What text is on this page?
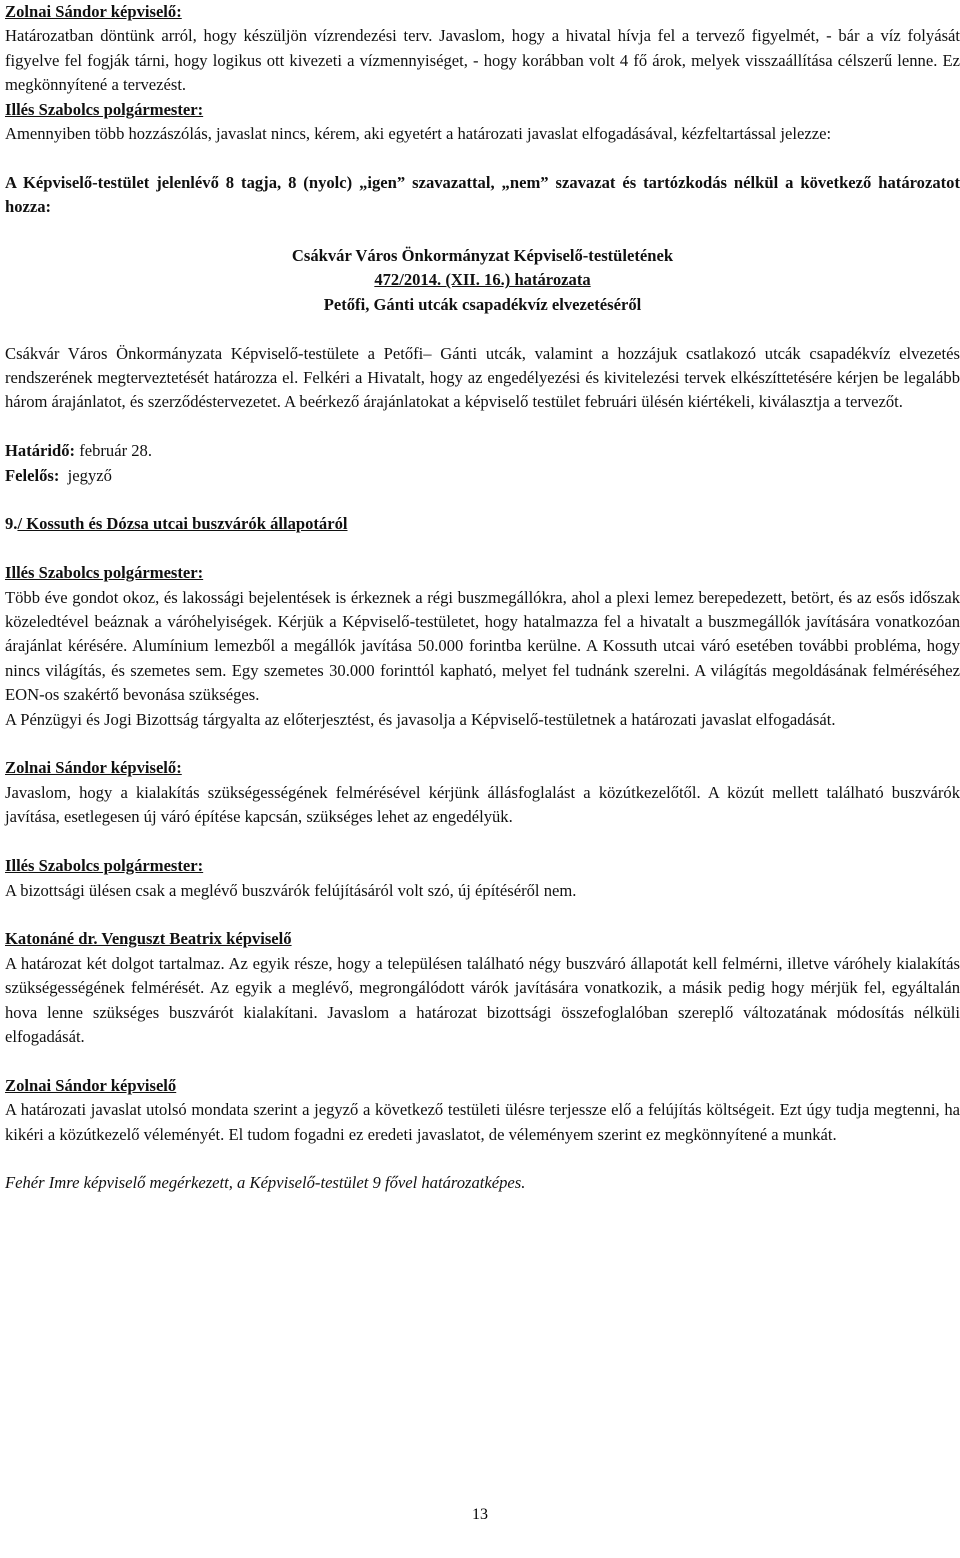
Zolnai Sándor képviselő:

Határozatban döntünk arról, hogy készüljön vízrendezési terv. Javaslom, hogy a hivatal hívja fel a tervező figyelmét, - bár a víz folyását figyelve fel fogják tárni, hogy logikus ott kivezeti a vízmennyiséget, - hogy korábban volt 4 fő árok, melyek visszaállítása célszerű lenne. Ez megkönnyítené a tervezést.

Illés Szabolcs polgármester:

Amennyiben több hozzászólás, javaslat nincs, kérem, aki egyetért a határozati javaslat elfogadásával, kézfeltartással jelezze:

A Képviselő-testület jelenlévő 8 tagja, 8 (nyolc) „igen” szavazattal, „nem” szavazat és tartózkodás nélkül a következő határozatot hozza:

Csákvár Város Önkormányzat Képviselő-testületének

472/2014. (XII. 16.) határozata

Petőfi, Gánti utcák csapadékvíz elvezetéséről

Csákvár Város Önkormányzata Képviselő-testülete a Petőfi– Gánti utcák, valamint a hozzájuk csatlakozó utcák csapadékvíz elvezetés rendszerének megterveztetését határozza el. Felkéri a Hivatalt, hogy az engedélyezési és kivitelezési tervek elkészíttetésére kérjen be legalább három árajánlatot, és szerződéstervezetet. A beérkező árajánlatokat a képviselő testület februári ülésén kiértékeli, kiválasztja a tervezőt.

Határidő: február 28.

Felelős:  jegyző

9./ Kossuth és Dózsa utcai buszvárók állapotáról

Illés Szabolcs polgármester:

Több éve gondot okoz, és lakossági bejelentések is érkeznek a régi buszmegállókra, ahol a plexi lemez berepedezett, betört, és az esős időszak közeledtével beáznak a váróhelyiségek. Kérjük a Képviselő-testületet, hogy hatalmazza fel a hivatalt a buszmegállók javítására vonatkozóan árajánlat kérésére. Alumínium lemezből a megállók javítása 50.000 forintba kerülne. A Kossuth utcai váró esetében további probléma, hogy nincs világítás, és szemetes sem. Egy szemetes 30.000 forinttól kapható, melyet fel tudnánk szerelni. A világítás megoldásának felméréséhez EON-os szakértő bevonása szükséges.

A Pénzügyi és Jogi Bizottság tárgyalta az előterjesztést, és javasolja a Képviselő-testületnek a határozati javaslat elfogadását.

Zolnai Sándor képviselő:

Javaslom, hogy a kialakítás szükségességének felmérésével kérjünk állásfoglalást a közútkezelőtől. A közút mellett található buszvárók javítása, esetlegesen új váró építése kapcsán, szükséges lehet az engedélyük.

Illés Szabolcs polgármester:

A bizottsági ülésen csak a meglévő buszvárók felújításáról volt szó, új építéséről nem.

Katonáné dr. Venguszt Beatrix képviselő

A határozat két dolgot tartalmaz. Az egyik része, hogy a településen található négy buszváró állapotát kell felmérni, illetve váróhely kialakítás szükségességének felmérését. Az egyik a meglévő, megrongálódott várók javítására vonatkozik, a másik pedig hogy mérjük fel, egyáltalán hova lenne szükséges buszvárót kialakítani. Javaslom a határozat bizottsági összefoglalóban szereplő változatának módosítás nélküli elfogadását.

Zolnai Sándor képviselő

A határozati javaslat utolsó mondata szerint a jegyző a következő testületi ülésre terjessze elő a felújítás költségeit. Ezt úgy tudja megtenni, ha kikéri a közútkezelő véleményét. El tudom fogadni ez eredeti javaslatot, de véleményem szerint ez megkönnyítené a munkát.

Fehér Imre képviselő megérkezett, a Képviselő-testület 9 fővel határozatképes.

13
